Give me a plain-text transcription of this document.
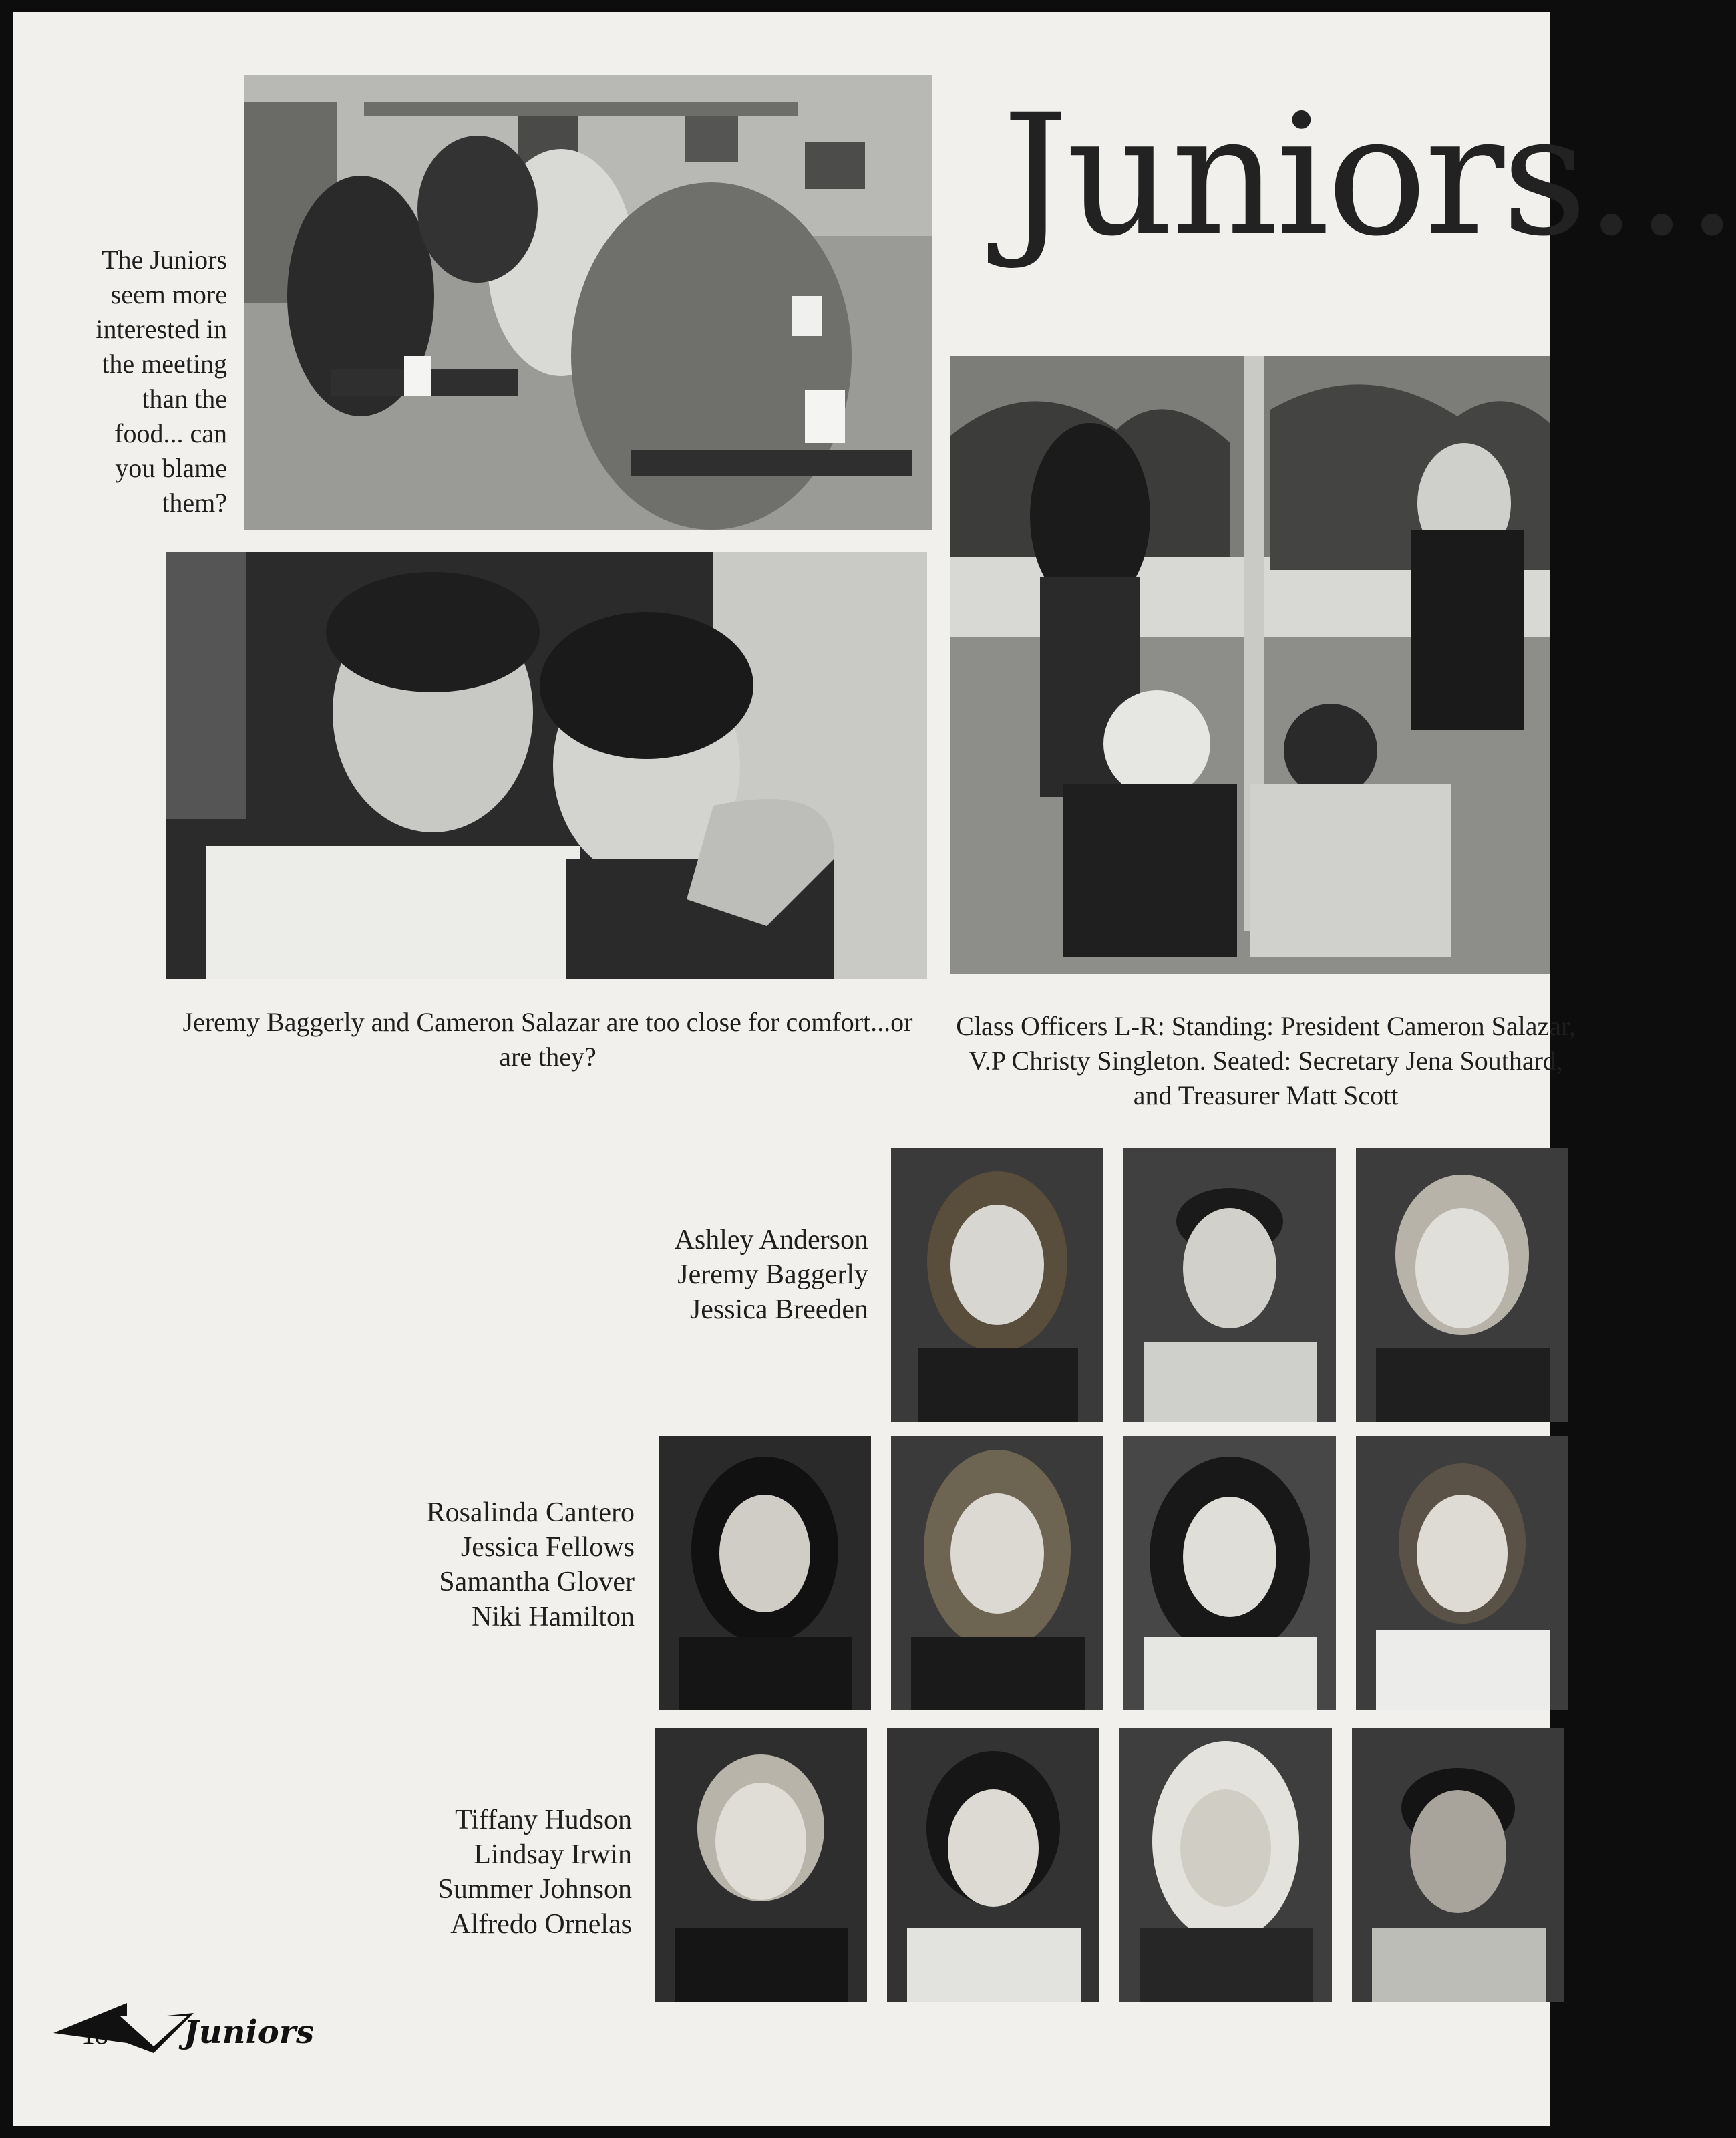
Juniors...
The Juniors seem more interested in the meeting than the food... can you blame them?
Jeremy Baggerly and Cameron Salazar are too close for comfort...or are they?
Class Officers L-R: Standing: President Cameron Salazar, V.P Christy Singleton. Seated: Secretary Jena Southard, and Treasurer Matt Scott
Ashley Anderson
Jeremy Baggerly
Jessica Breeden
Rosalinda Cantero
Jessica Fellows
Samantha Glover
Niki Hamilton
Tiffany Hudson
Lindsay Irwin
Summer Johnson
Alfredo Ornelas
18 Juniors
